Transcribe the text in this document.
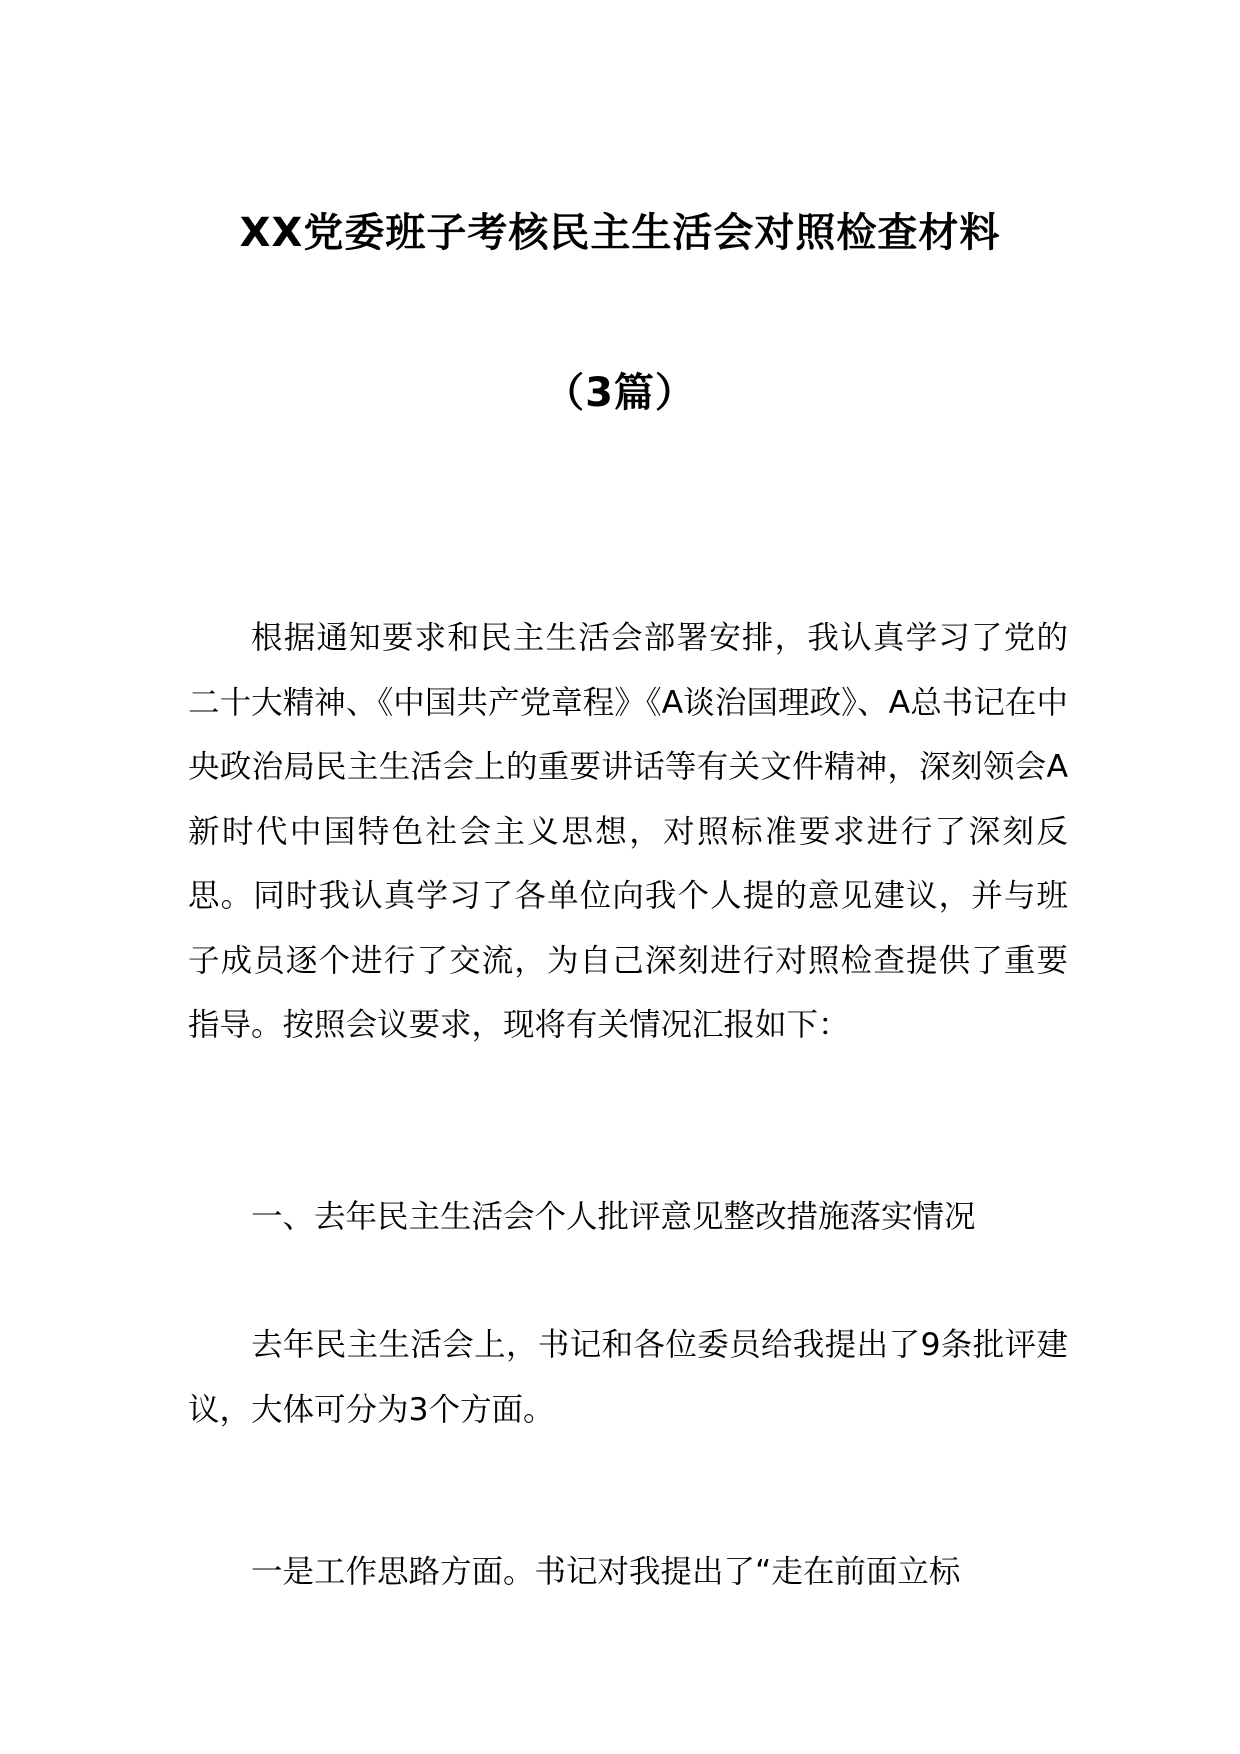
XX党委班子考核民主生活会对照检查材料
（3篇）

根据通知要求和民主生活会部署安排，我认真学习了党的二十大精神、《中国共产党章程》《A谈治国理政》、A总书记在中央政治局民主生活会上的重要讲话等有关文件精神，深刻领会A新时代中国特色社会主义思想，对照标准要求进行了深刻反思。同时我认真学习了各单位向我个人提的意见建议，并与班子成员逐个进行了交流，为自己深刻进行对照检查提供了重要指导。按照会议要求，现将有关情况汇报如下：

一、去年民主生活会个人批评意见整改措施落实情况

去年民主生活会上，书记和各位委员给我提出了9条批评建议，大体可分为3个方面。

一是工作思路方面。书记对我提出了“走在前面立标
